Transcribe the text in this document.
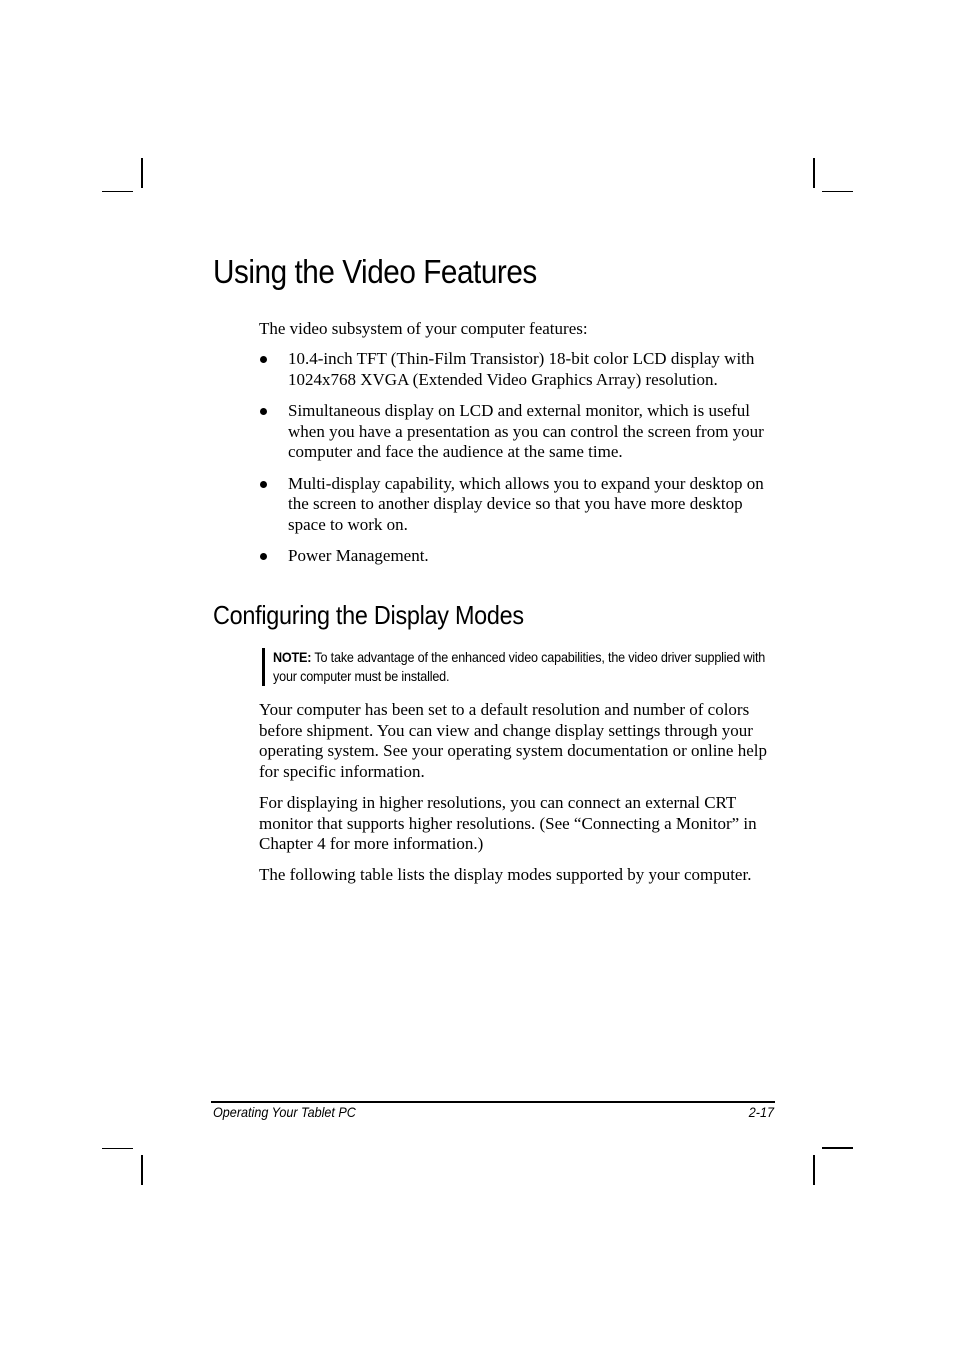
Using the Video Features

The video subsystem of your computer features:

10.4-inch TFT (Thin-Film Transistor) 18-bit color LCD display with 1024x768 XVGA (Extended Video Graphics Array) resolution.
Simultaneous display on LCD and external monitor, which is useful when you have a presentation as you can control the screen from your computer and face the audience at the same time.
Multi-display capability, which allows you to expand your desktop on the screen to another display device so that you have more desktop space to work on.
Power Management.
Configuring the Display Modes
NOTE: To take advantage of the enhanced video capabilities, the video driver supplied with your computer must be installed.

Your computer has been set to a default resolution and number of colors before shipment. You can view and change display settings through your operating system. See your operating system documentation or online help for specific information.

For displaying in higher resolutions, you can connect an external CRT monitor that supports higher resolutions. (See “Connecting a Monitor” in Chapter 4 for more information.)

The following table lists the display modes supported by your computer.

Operating Your Tablet PC	2-17
